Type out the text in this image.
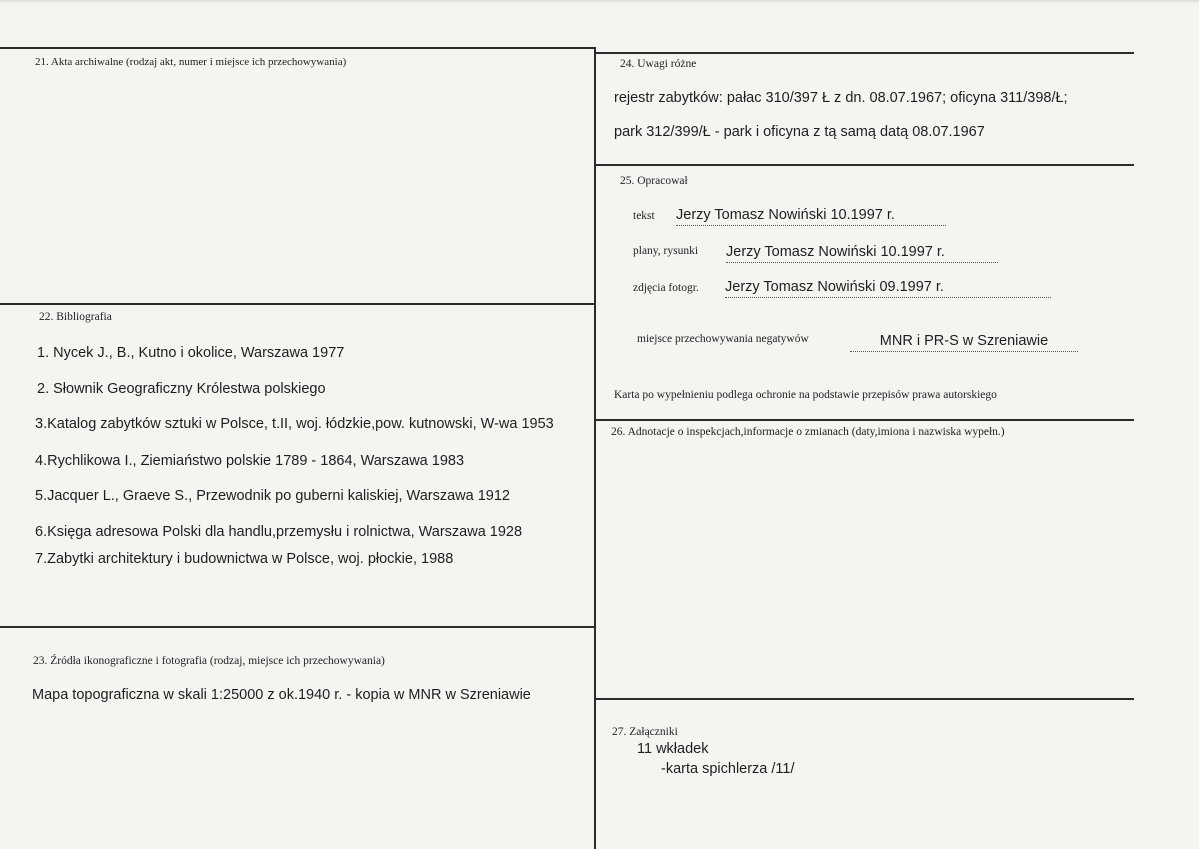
21. Akta archiwalne (rodzaj akt, numer i miejsce ich przechowywania)
22. Bibliografia
1. Nycek J., B., Kutno i okolice, Warszawa 1977
2. Słownik Geograficzny Królestwa polskiego
3.Katalog zabytków sztuki w Polsce, t.II, woj. łódzkie,pow. kutnowski, W-wa 1953
4.Rychlikowa I., Ziemiaństwo polskie 1789 - 1864, Warszawa 1983
5.Jacquer L., Graeve S., Przewodnik po guberni kaliskiej, Warszawa 1912
6.Księga adresowa Polski dla handlu,przemysłu i rolnictwa, Warszawa 1928
7.Zabytki architektury i budownictwa w Polsce, woj. płockie, 1988
23. Źródła ikonograficzne i fotografia (rodzaj, miejsce ich przechowywania)
Mapa topograficzna w skali 1:25000 z ok.1940 r. - kopia w MNR w Szreniawie
24. Uwagi różne
rejestr zabytków: pałac 310/397 Ł z dn. 08.07.1967; oficyna 311/398/Ł;
park 312/399/Ł - park i oficyna z tą samą datą 08.07.1967
25. Opracował
tekst Jerzy Tomasz Nowiński 10.1997 r.
plany, rysunki Jerzy Tomasz Nowiński 10.1997 r.
zdjęcia fotogr. Jerzy Tomasz Nowiński 09.1997 r.
miejsce przechowywania negatywów	MNR i PR-S w Szreniawie
Karta po wypełnieniu podlega ochronie na podstawie przepisów prawa autorskiego
26. Adnotacje o inspekcjach,informacje o zmianach (daty,imiona i nazwiska wypełn.)
27. Załączniki
11 wkładek
-karta spichlerza /11/
